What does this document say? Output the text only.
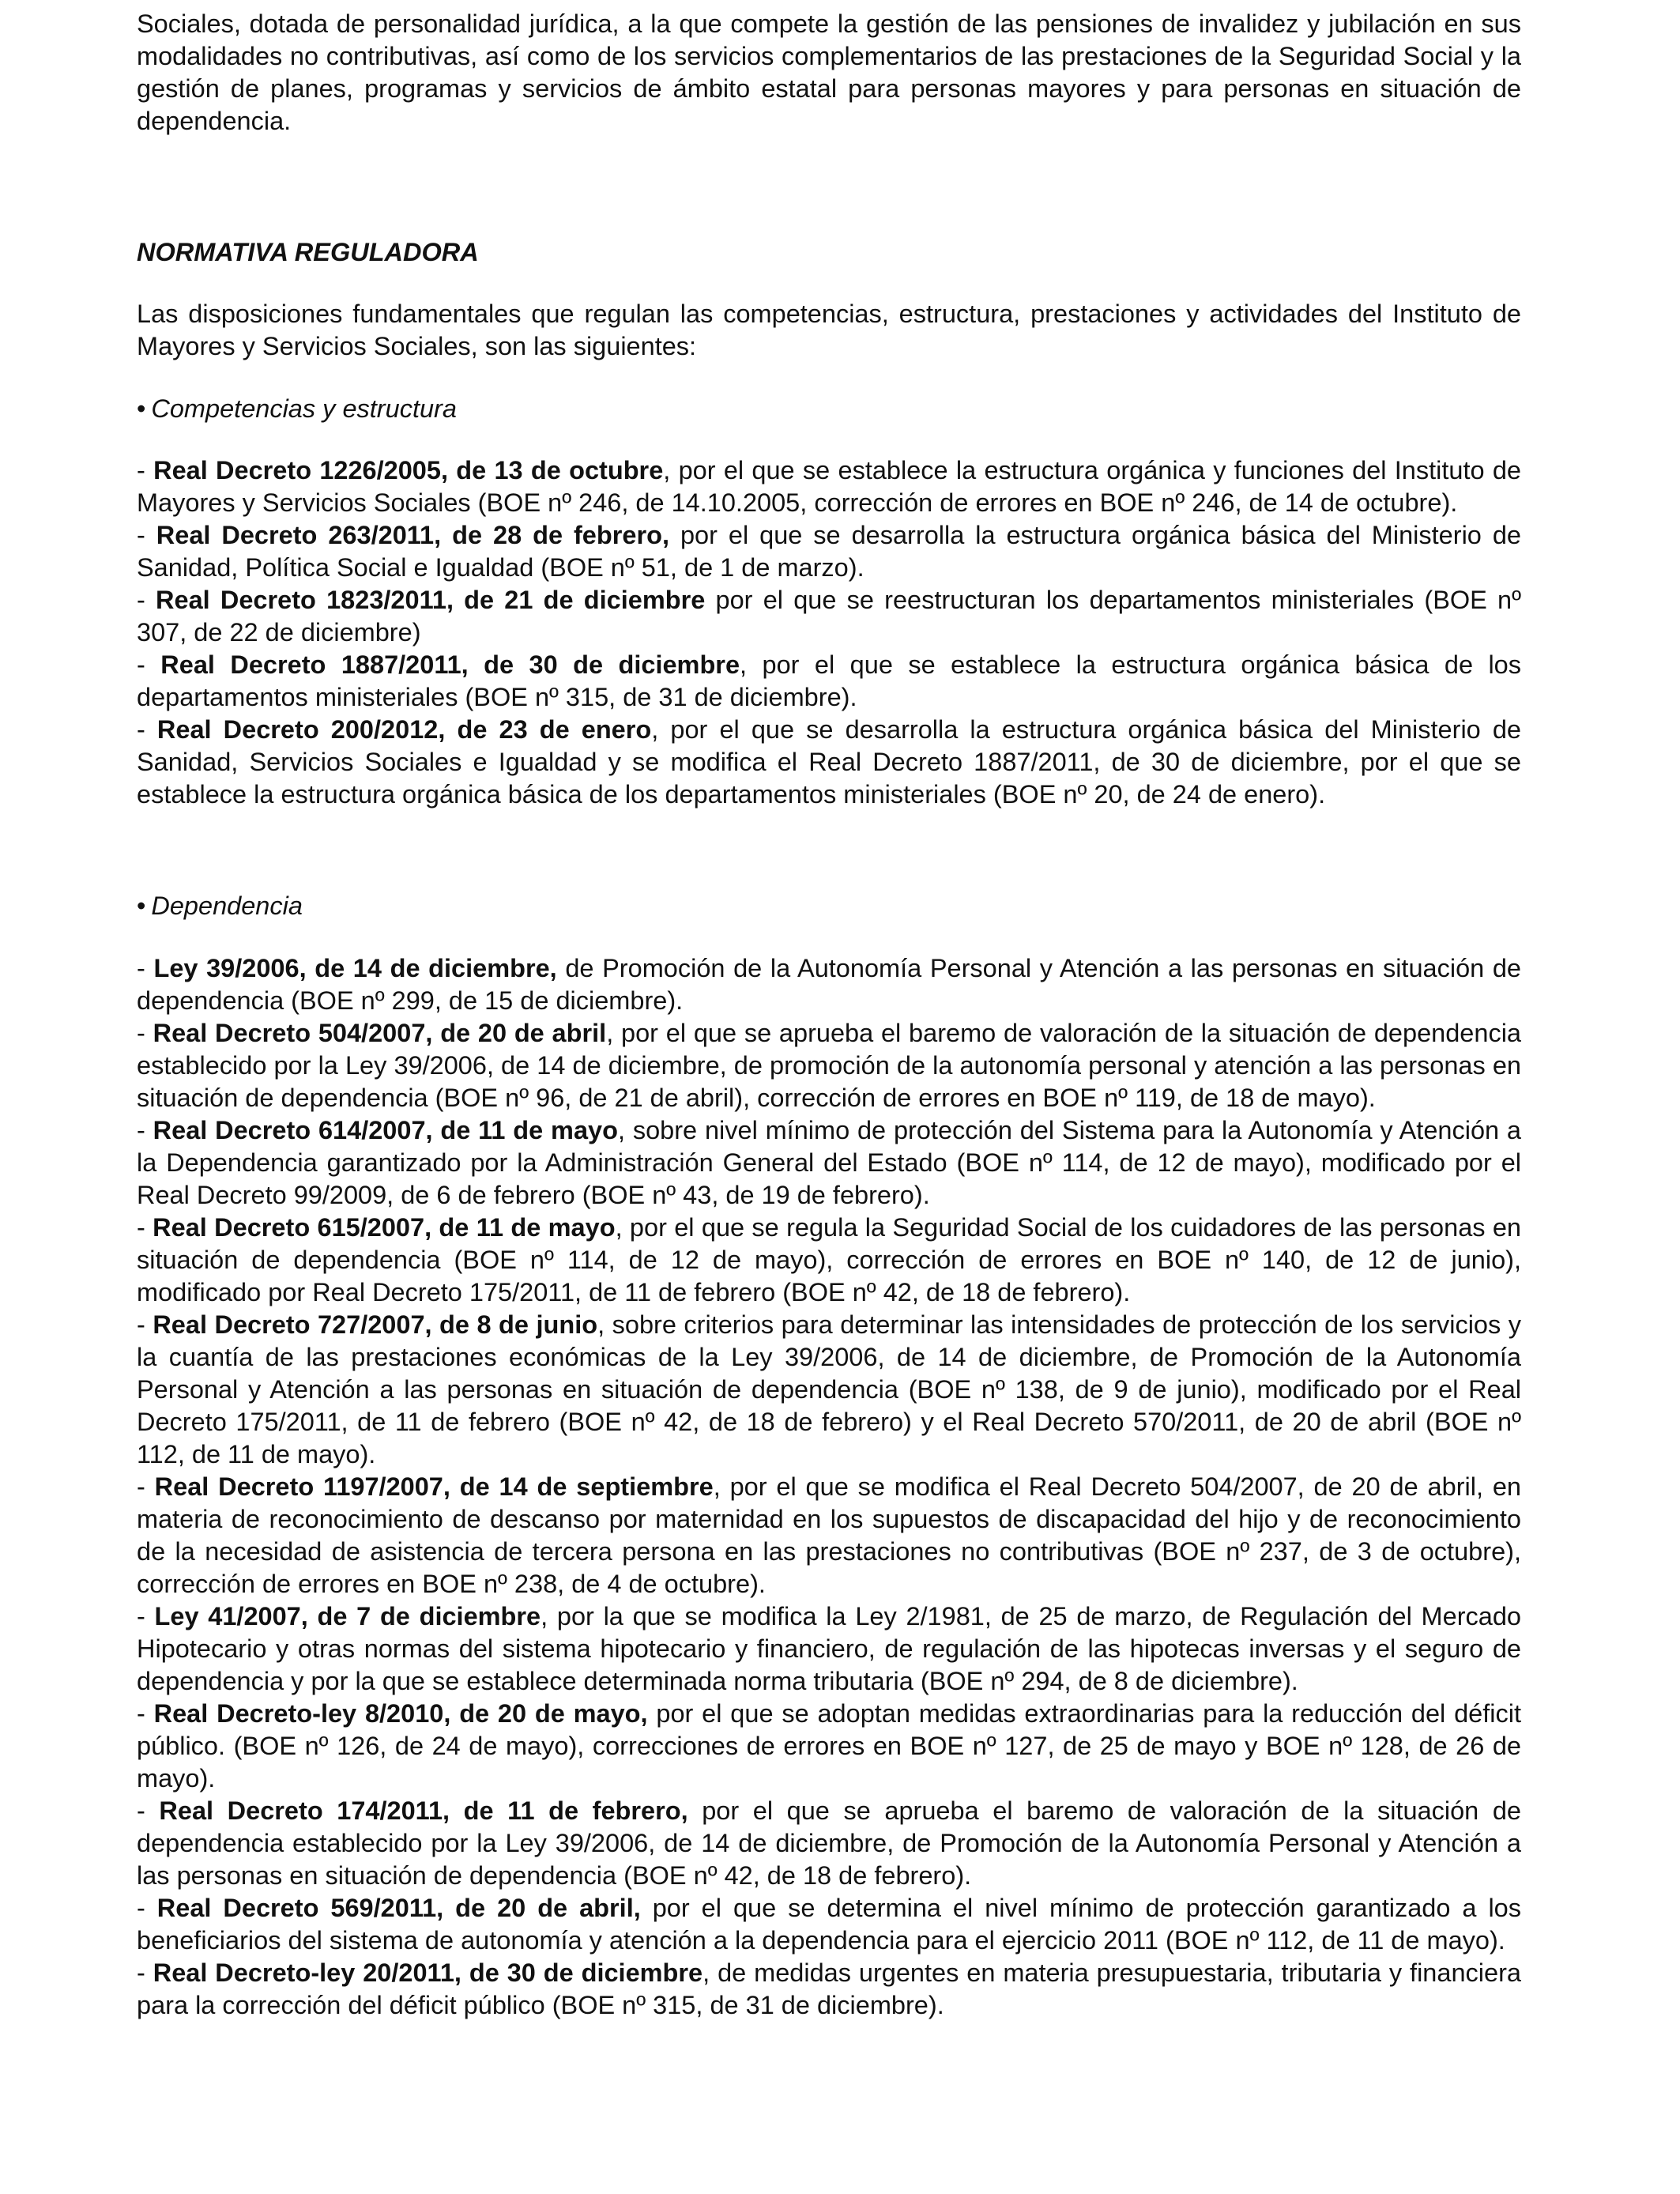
Sociales, dotada de personalidad jurídica, a la que compete la gestión de las pensiones de invalidez y jubilación en sus modalidades no contributivas, así como de los servicios complementarios de las prestaciones de la Seguridad Social y la gestión de planes, programas y servicios de ámbito estatal para personas mayores y para personas en situación de dependencia.

NORMATIVA REGULADORA

Las disposiciones fundamentales que regulan las competencias, estructura, prestaciones y actividades del Instituto de Mayores y Servicios Sociales, son las siguientes:

• Competencias y estructura

- Real Decreto 1226/2005, de 13 de octubre, por el que se establece la estructura orgánica y funciones del Instituto de Mayores y Servicios Sociales (BOE nº 246, de 14.10.2005, corrección de errores en BOE nº 246, de 14 de octubre).

- Real Decreto 263/2011, de 28 de febrero, por el que se desarrolla la estructura orgánica básica del Ministerio de Sanidad, Política Social e Igualdad (BOE nº 51, de 1 de marzo).

- Real Decreto 1823/2011, de 21 de diciembre por el que se reestructuran los departamentos ministeriales (BOE nº 307, de 22 de diciembre)

- Real Decreto 1887/2011, de 30 de diciembre, por el que se establece la estructura orgánica básica de los departamentos ministeriales (BOE nº 315, de 31 de diciembre).

- Real Decreto 200/2012, de 23 de enero, por el que se desarrolla la estructura orgánica básica del Ministerio de Sanidad, Servicios Sociales e Igualdad y se modifica el Real Decreto 1887/2011, de 30 de diciembre, por el que se establece la estructura orgánica básica de los departamentos ministeriales (BOE nº 20, de 24 de enero).

• Dependencia

- Ley 39/2006, de 14 de diciembre, de Promoción de la Autonomía Personal y Atención a las personas en situación de dependencia (BOE nº 299, de 15 de diciembre).

- Real Decreto 504/2007, de 20 de abril, por el que se aprueba el baremo de valoración de la situación de dependencia establecido por la Ley 39/2006, de 14 de diciembre, de promoción de la autonomía personal y atención a las personas en situación de dependencia (BOE nº 96, de 21 de abril), corrección de errores en BOE nº 119, de 18 de mayo).

- Real Decreto 614/2007, de 11 de mayo, sobre nivel mínimo de protección del Sistema para la Autonomía y Atención a la Dependencia garantizado por la Administración General del Estado (BOE nº 114, de 12 de mayo), modificado por el Real Decreto 99/2009, de 6 de febrero (BOE nº 43, de 19 de febrero).

- Real Decreto 615/2007, de 11 de mayo, por el que se regula la Seguridad Social de los cuidadores de las personas en situación de dependencia (BOE nº 114, de 12 de mayo), corrección de errores en BOE nº 140, de 12 de junio), modificado por Real Decreto 175/2011, de 11 de febrero (BOE nº 42, de 18 de febrero).

- Real Decreto 727/2007, de 8 de junio, sobre criterios para determinar las intensidades de protección de los servicios y la cuantía de las prestaciones económicas de la Ley 39/2006, de 14 de diciembre, de Promoción de la Autonomía Personal y Atención a las personas en situación de dependencia (BOE nº 138, de 9 de junio), modificado por el Real Decreto 175/2011, de 11 de febrero (BOE nº 42, de 18 de febrero) y el Real Decreto 570/2011, de 20 de abril (BOE nº 112, de 11 de mayo).

- Real Decreto 1197/2007, de 14 de septiembre, por el que se modifica el Real Decreto 504/2007, de 20 de abril, en materia de reconocimiento de descanso por maternidad en los supuestos de discapacidad del hijo y de reconocimiento de la necesidad de asistencia de tercera persona en las prestaciones no contributivas (BOE nº 237, de 3 de octubre), corrección de errores en BOE nº 238, de 4 de octubre).

- Ley 41/2007, de 7 de diciembre, por la que se modifica la Ley 2/1981, de 25 de marzo, de Regulación del Mercado Hipotecario y otras normas del sistema hipotecario y financiero, de regulación de las hipotecas inversas y el seguro de dependencia y por la que se establece determinada norma tributaria (BOE nº 294, de 8 de diciembre).

- Real Decreto-ley 8/2010, de 20 de mayo, por el que se adoptan medidas extraordinarias para la reducción del déficit público. (BOE nº 126, de 24 de mayo), correcciones de errores en BOE nº 127, de 25 de mayo y BOE nº 128, de 26 de mayo).

- Real Decreto 174/2011, de 11 de febrero, por el que se aprueba el baremo de valoración de la situación de dependencia establecido por la Ley 39/2006, de 14 de diciembre, de Promoción de la Autonomía Personal y Atención a las personas en situación de dependencia (BOE nº 42, de 18 de febrero).

- Real Decreto 569/2011, de 20 de abril, por el que se determina el nivel mínimo de protección garantizado a los beneficiarios del sistema de autonomía y atención a la dependencia para el ejercicio 2011 (BOE nº 112, de 11 de mayo).

- Real Decreto-ley 20/2011, de 30 de diciembre, de medidas urgentes en materia presupuestaria, tributaria y financiera para la corrección del déficit público (BOE nº 315, de 31 de diciembre).
